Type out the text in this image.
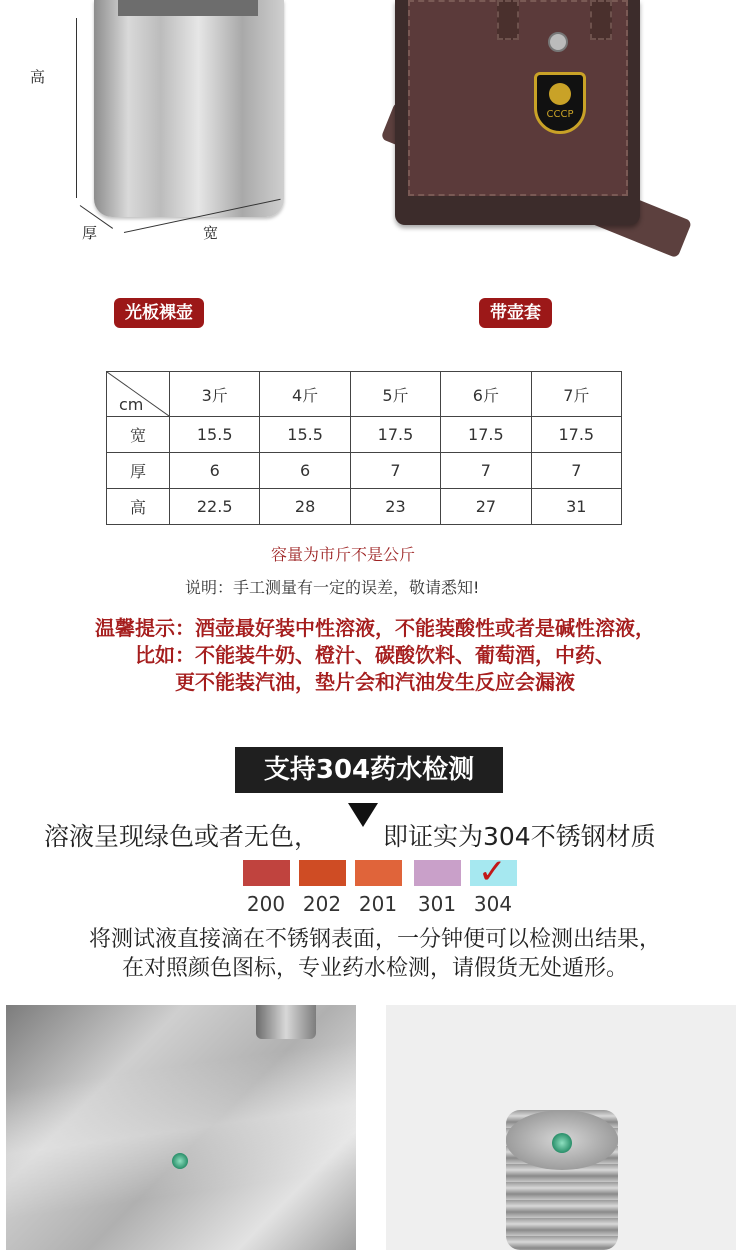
高
厚	宽
CCCP
光板裸壶	带壶套
cm	3斤	4斤	5斤	6斤	7斤
宽	15.5	15.5	17.5	17.5	17.5
厚	6	6	7	7	7
高	22.5	28	23	27	31
容量为市斤不是公斤
说明：手工测量有一定的误差，敬请悉知!
温馨提示：酒壶最好装中性溶液，不能装酸性或者是碱性溶液，
比如：不能装牛奶、橙汁、碳酸饮料、葡萄酒，中药、
更不能装汽油，垫片会和汽油发生反应会漏液
支持304药水检测
溶液呈现绿色或者无色，	即证实为304不锈钢材质
200 202 201 301 304
✓
将测试液直接滴在不锈钢表面，一分钟便可以检测出结果，
在对照颜色图标，专业药水检测，请假货无处遁形。
